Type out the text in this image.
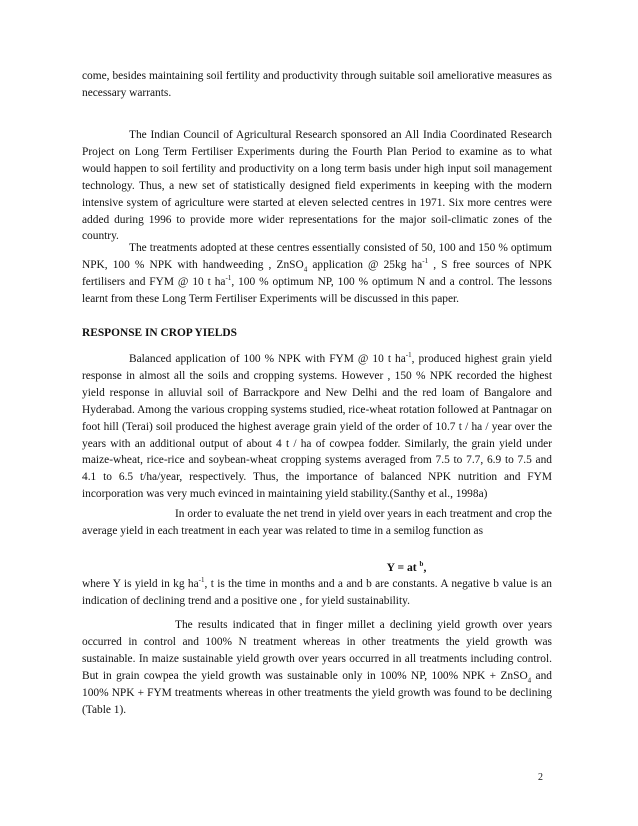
come, besides maintaining soil fertility and productivity through suitable soil ameliorative measures as necessary warrants.

The Indian Council of Agricultural Research sponsored an All India Coordinated Research Project on Long Term Fertiliser Experiments during the Fourth Plan Period to examine as to what would happen to soil fertility and productivity on a long term basis under high input soil management technology. Thus, a new set of statistically designed field experiments in keeping with the modern intensive system of agriculture were started at eleven selected centres in 1971. Six more centres were added during 1996 to provide more wider representations for the major soil-climatic zones of the country.

The treatments adopted at these centres essentially consisted of 50, 100 and 150 % optimum NPK, 100 % NPK with handweeding , ZnSO$_4$ application @ 25kg $ha^{-1}$ , S free sources of NPK fertilisers and FYM @ 10 t $ha^{-1}$, 100 % optimum NP, 100 % optimum N and a control. The lessons learnt from these Long Term Fertiliser Experiments will be discussed in this paper.

RESPONSE IN CROP YIELDS

Balanced application of 100 % NPK with FYM @ 10 t $ha^{-1}$, produced highest grain yield response in almost all the soils and cropping systems. However , 150 % NPK recorded the highest yield response in alluvial soil of Barrackpore and New Delhi and the red loam of Bangalore and Hyderabad. Among the various cropping systems studied, rice-wheat rotation followed at Pantnagar on foot hill (Terai) soil produced the highest average grain yield of the order of 10.7 t / ha / year over the years with an additional output of about 4 t / ha of cowpea fodder. Similarly, the grain yield under maize-wheat, rice-rice and soybean-wheat cropping systems averaged from 7.5 to 7.7, 6.9 to 7.5 and 4.1 to 6.5 t/ha/year, respectively. Thus, the importance of balanced NPK nutrition and FYM incorporation was very much evinced in maintaining yield stability.(Santhy et al., 1998a)

In order to evaluate the net trend in yield over years in each treatment and crop the average yield in each treatment in each year was related to time in a semilog function as

Y = at $^b$,

where Y is yield in kg $ha^{-1}$, t is the time in months and a and b are constants. A negative b value is an indication of declining trend and a positive one , for yield sustainability.

The results indicated that in finger millet a declining yield growth over years occurred in control and 100% N treatment whereas in other treatments the yield growth was sustainable. In maize sustainable yield growth over years occurred in all treatments including control. But in grain cowpea the yield growth was sustainable only in 100% NP, 100% NPK + ZnSO$_4$ and 100% NPK + FYM treatments whereas in other treatments the yield growth was found to be declining (Table 1).

2
